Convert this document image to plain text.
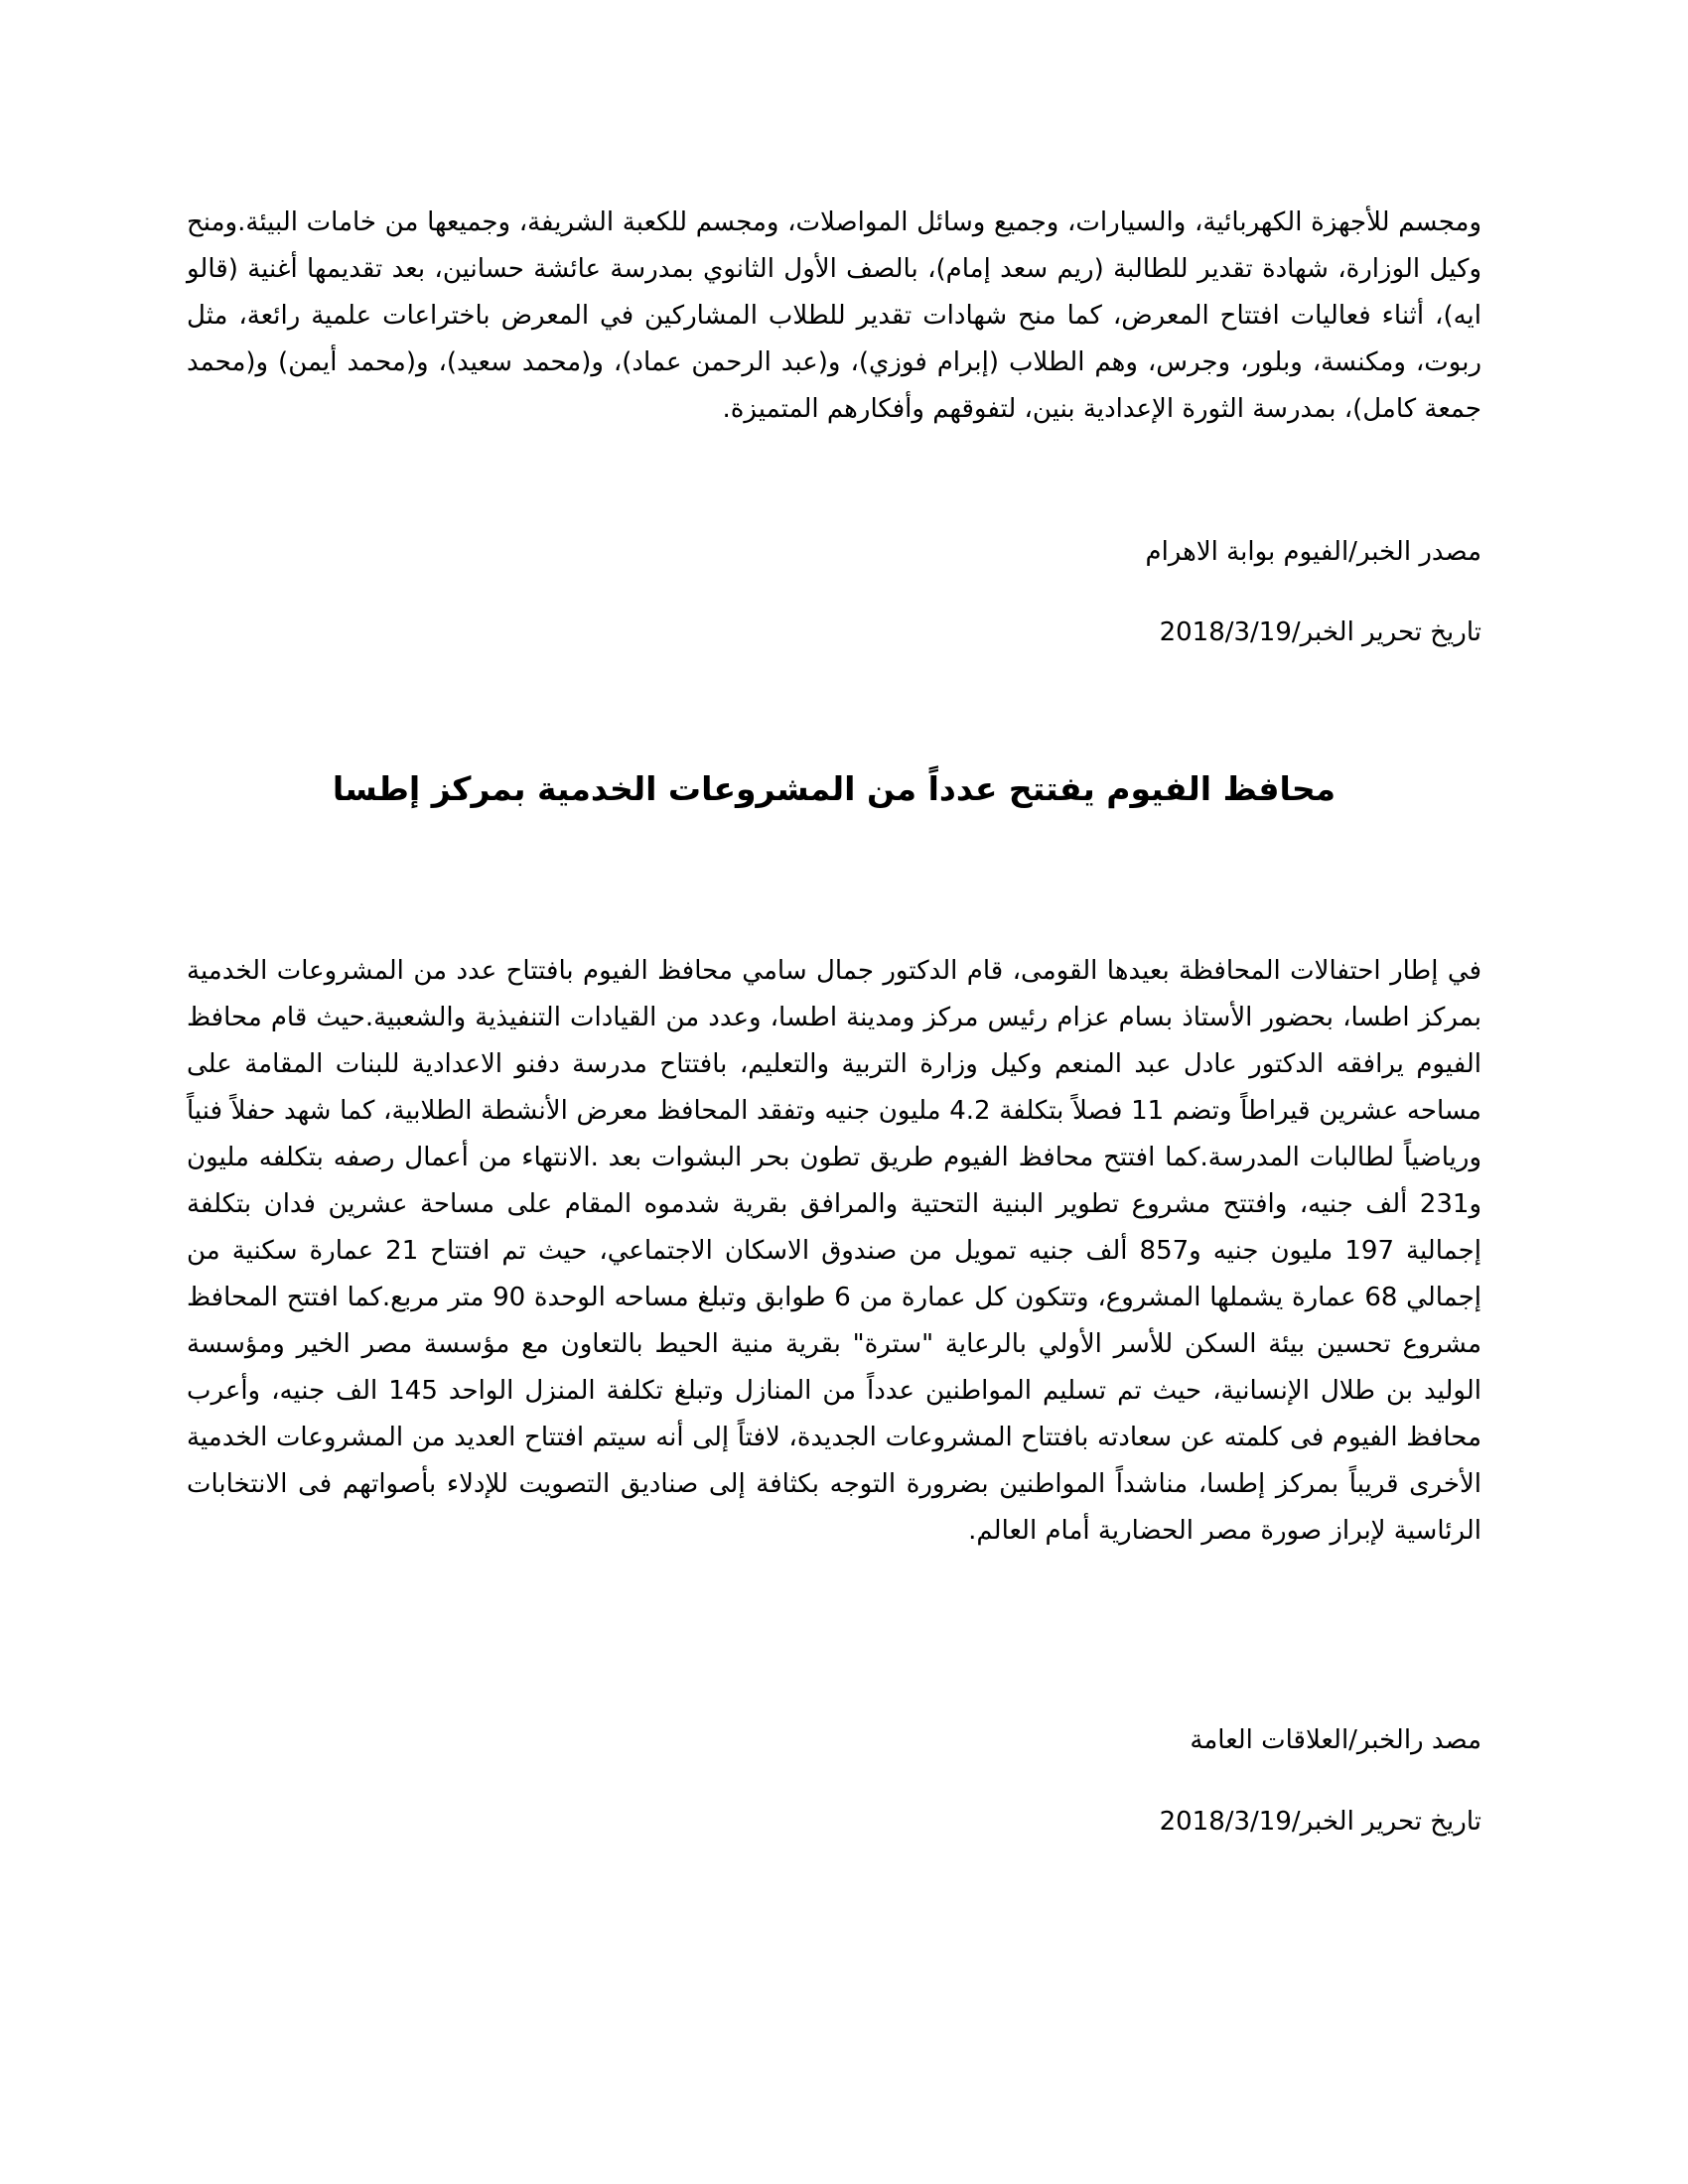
ومجسم للأجهزة الكهربائية، والسيارات، وجميع وسائل المواصلات، ومجسم للكعبة الشريفة، وجميعها من خامات البيئة.ومنح وكيل الوزارة، شهادة تقدير للطالبة (ريم سعد إمام)، بالصف الأول الثانوي بمدرسة عائشة حسانين، بعد تقديمها أغنية (قالو ايه)، أثناء فعاليات افتتاح المعرض، كما منح شهادات تقدير للطلاب المشاركين في المعرض باختراعات علمية رائعة، مثل ربوت، ومكنسة، وبلور، وجرس، وهم الطلاب (إبرام فوزي)، و(عبد الرحمن عماد)، و(محمد سعيد)، و(محمد أيمن) و(محمد جمعة كامل)، بمدرسة الثورة الإعدادية بنين، لتفوقهم وأفكارهم المتميزة.

مصدر الخبر/الفيوم بوابة الاهرام

تاريخ تحرير الخبر/2018/3/19

محافظ الفيوم يفتتح عدداً من المشروعات الخدمية بمركز إطسا

في إطار احتفالات المحافظة بعيدها القومى، قام الدكتور جمال سامي محافظ الفيوم بافتتاح عدد من المشروعات الخدمية بمركز اطسا، بحضور الأستاذ بسام عزام رئيس مركز ومدينة اطسا، وعدد من القيادات التنفيذية والشعبية.حيث قام محافظ الفيوم يرافقه الدكتور عادل عبد المنعم وكيل وزارة التربية والتعليم، بافتتاح مدرسة دفنو الاعدادية للبنات المقامة على مساحه عشرين قيراطاً وتضم 11 فصلاً بتكلفة 4.2 مليون جنيه وتفقد المحافظ معرض الأنشطة الطلابية، كما شهد حفلاً فنياً ورياضياً لطالبات المدرسة.كما افتتح محافظ الفيوم طريق تطون بحر البشوات بعد .الانتهاء من أعمال رصفه بتكلفه مليون و231 ألف جنيه، وافتتح مشروع تطوير البنية التحتية والمرافق بقرية شدموه المقام على مساحة عشرين فدان بتكلفة إجمالية 197 مليون جنيه و857 ألف جنيه تمويل من صندوق الاسكان الاجتماعي، حيث تم افتتاح 21 عمارة سكنية من إجمالي 68 عمارة يشملها المشروع، وتتكون كل عمارة من 6 طوابق وتبلغ مساحه الوحدة 90 متر مربع.كما افتتح المحافظ مشروع تحسين بيئة السكن للأسر الأولي بالرعاية "سترة" بقرية منية الحيط بالتعاون مع مؤسسة مصر الخير ومؤسسة الوليد بن طلال الإنسانية، حيث تم تسليم المواطنين عدداً من المنازل وتبلغ تكلفة المنزل الواحد 145 الف جنيه، وأعرب محافظ الفيوم فى كلمته عن سعادته بافتتاح المشروعات الجديدة، لافتاً إلى أنه سيتم افتتاح العديد من المشروعات الخدمية الأخرى قريباً بمركز إطسا، مناشداً المواطنين بضرورة التوجه بكثافة إلى صناديق التصويت للإدلاء بأصواتهم فى الانتخابات الرئاسية لإبراز صورة مصر الحضارية أمام العالم.

مصد رالخبر/العلاقات العامة

تاريخ تحرير الخبر/2018/3/19
